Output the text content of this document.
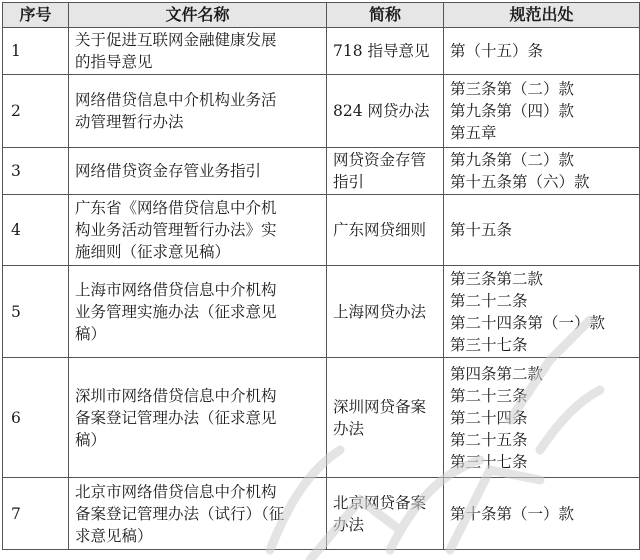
序号	文件名称	简称	规范出处
1	关于促进互联网金融健康发展
的指导意见	718 指导意见	第（十五）条

2	网络借贷信息中介机构业务活
动管理暂行办法	824 网贷办法	第三条第（二）款
第九条第（四）款
第五章

3	网络借贷资金存管业务指引	网贷资金存管
指引	第九条第（二）款
第十五条第（六）款

4	广东省《网络借贷信息中介机
构业务活动管理暂行办法》实
施细则（征求意见稿）	广东网贷细则	第十五条

5	上海市网络借贷信息中介机构
业务管理实施办法（征求意见
稿）	上海网贷办法	第三条第二款
第二十二条
第二十四条第（一）款
第三十七条

6	深圳市网络借贷信息中介机构
备案登记管理办法（征求意见
稿）	深圳网贷备案
办法	第四条第二款
第二十三条
第二十四条
第二十五条
第三十七条

7	北京市网络借贷信息中介机构
备案登记管理办法（试行）（征
求意见稿）	北京网贷备案
办法	第十条第（一）款
